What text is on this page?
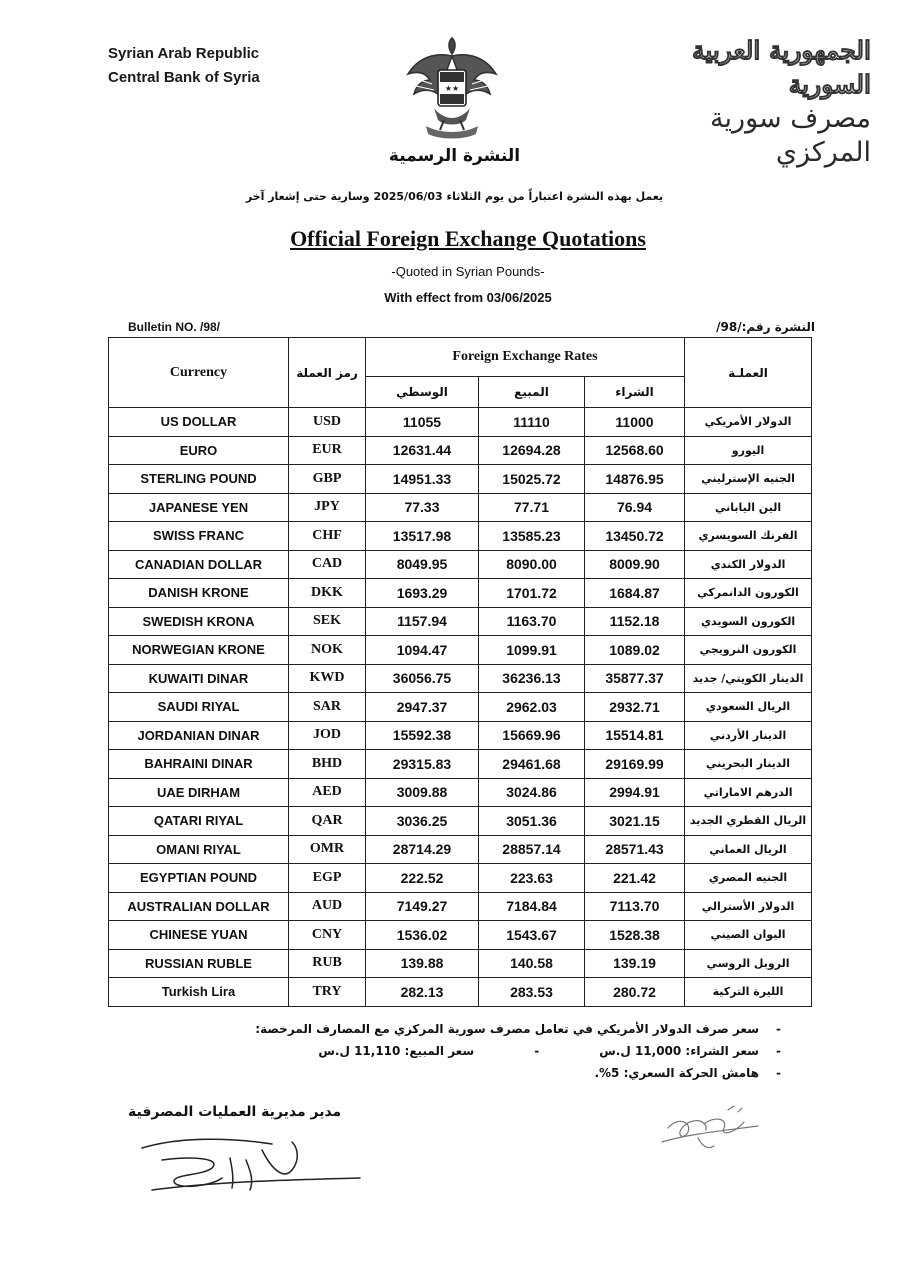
Syrian Arab Republic
Central Bank of Syria
★★
الجمهورية العربية السورية
مصرف سورية المركزي
النشرة الرسمية
يعمل بهذه النشرة اعتباراً من يوم الثلاثاء 2025/06/03 وسارية حتى إشعار آخر
Official Foreign Exchange Quotations
-Quoted in Syrian Pounds-
With effect from 03/06/2025
Bulletin NO. /98/	النشرة رقم:/98/
Currency	رمز العملة	Foreign Exchange Rates			العملـة
		الوسطي	المبيع	الشراء	
US DOLLAR	USD	11055	11110	11000	الدولار الأمريكي
EURO	EUR	12631.44	12694.28	12568.60	اليورو
STERLING POUND	GBP	14951.33	15025.72	14876.95	الجنيه الإسترليني
JAPANESE YEN	JPY	77.33	77.71	76.94	الين الياباني
SWISS FRANC	CHF	13517.98	13585.23	13450.72	الفرنك السويسري
CANADIAN DOLLAR	CAD	8049.95	8090.00	8009.90	الدولار الكندي
DANISH KRONE	DKK	1693.29	1701.72	1684.87	الكورون الدانمركي
SWEDISH KRONA	SEK	1157.94	1163.70	1152.18	الكورون السويدي
NORWEGIAN KRONE	NOK	1094.47	1099.91	1089.02	الكورون النرويجي
KUWAITI DINAR	KWD	36056.75	36236.13	35877.37	الدينار الكويتي/ جديد
SAUDI RIYAL	SAR	2947.37	2962.03	2932.71	الريال السعودي
JORDANIAN DINAR	JOD	15592.38	15669.96	15514.81	الدينار الأردني
BAHRAINI DINAR	BHD	29315.83	29461.68	29169.99	الدينار البحريني
UAE DIRHAM	AED	3009.88	3024.86	2994.91	الدرهم الاماراتي
QATARI RIYAL	QAR	3036.25	3051.36	3021.15	الريال القطري الجديد
OMANI RIYAL	OMR	28714.29	28857.14	28571.43	الريال العماني
EGYPTIAN POUND	EGP	222.52	223.63	221.42	الجنيه المصري
AUSTRALIAN DOLLAR	AUD	7149.27	7184.84	7113.70	الدولار الأسترالي
CHINESE YUAN	CNY	1536.02	1543.67	1528.38	اليوان الصيني
RUSSIAN RUBLE	RUB	139.88	140.58	139.19	الروبل الروسي
Turkish Lira	TRY	282.13	283.53	280.72	الليرة التركية
-سعر صرف الدولار الأمريكي في تعامل مصرف سورية المركزي مع المصارف المرخصة:
-سعر الشراء: 11,000 ل.س-سعر المبيع: 11,110 ل.س
-هامش الحركة السعري: 5%.
مدير مديرية العمليات المصرفية
